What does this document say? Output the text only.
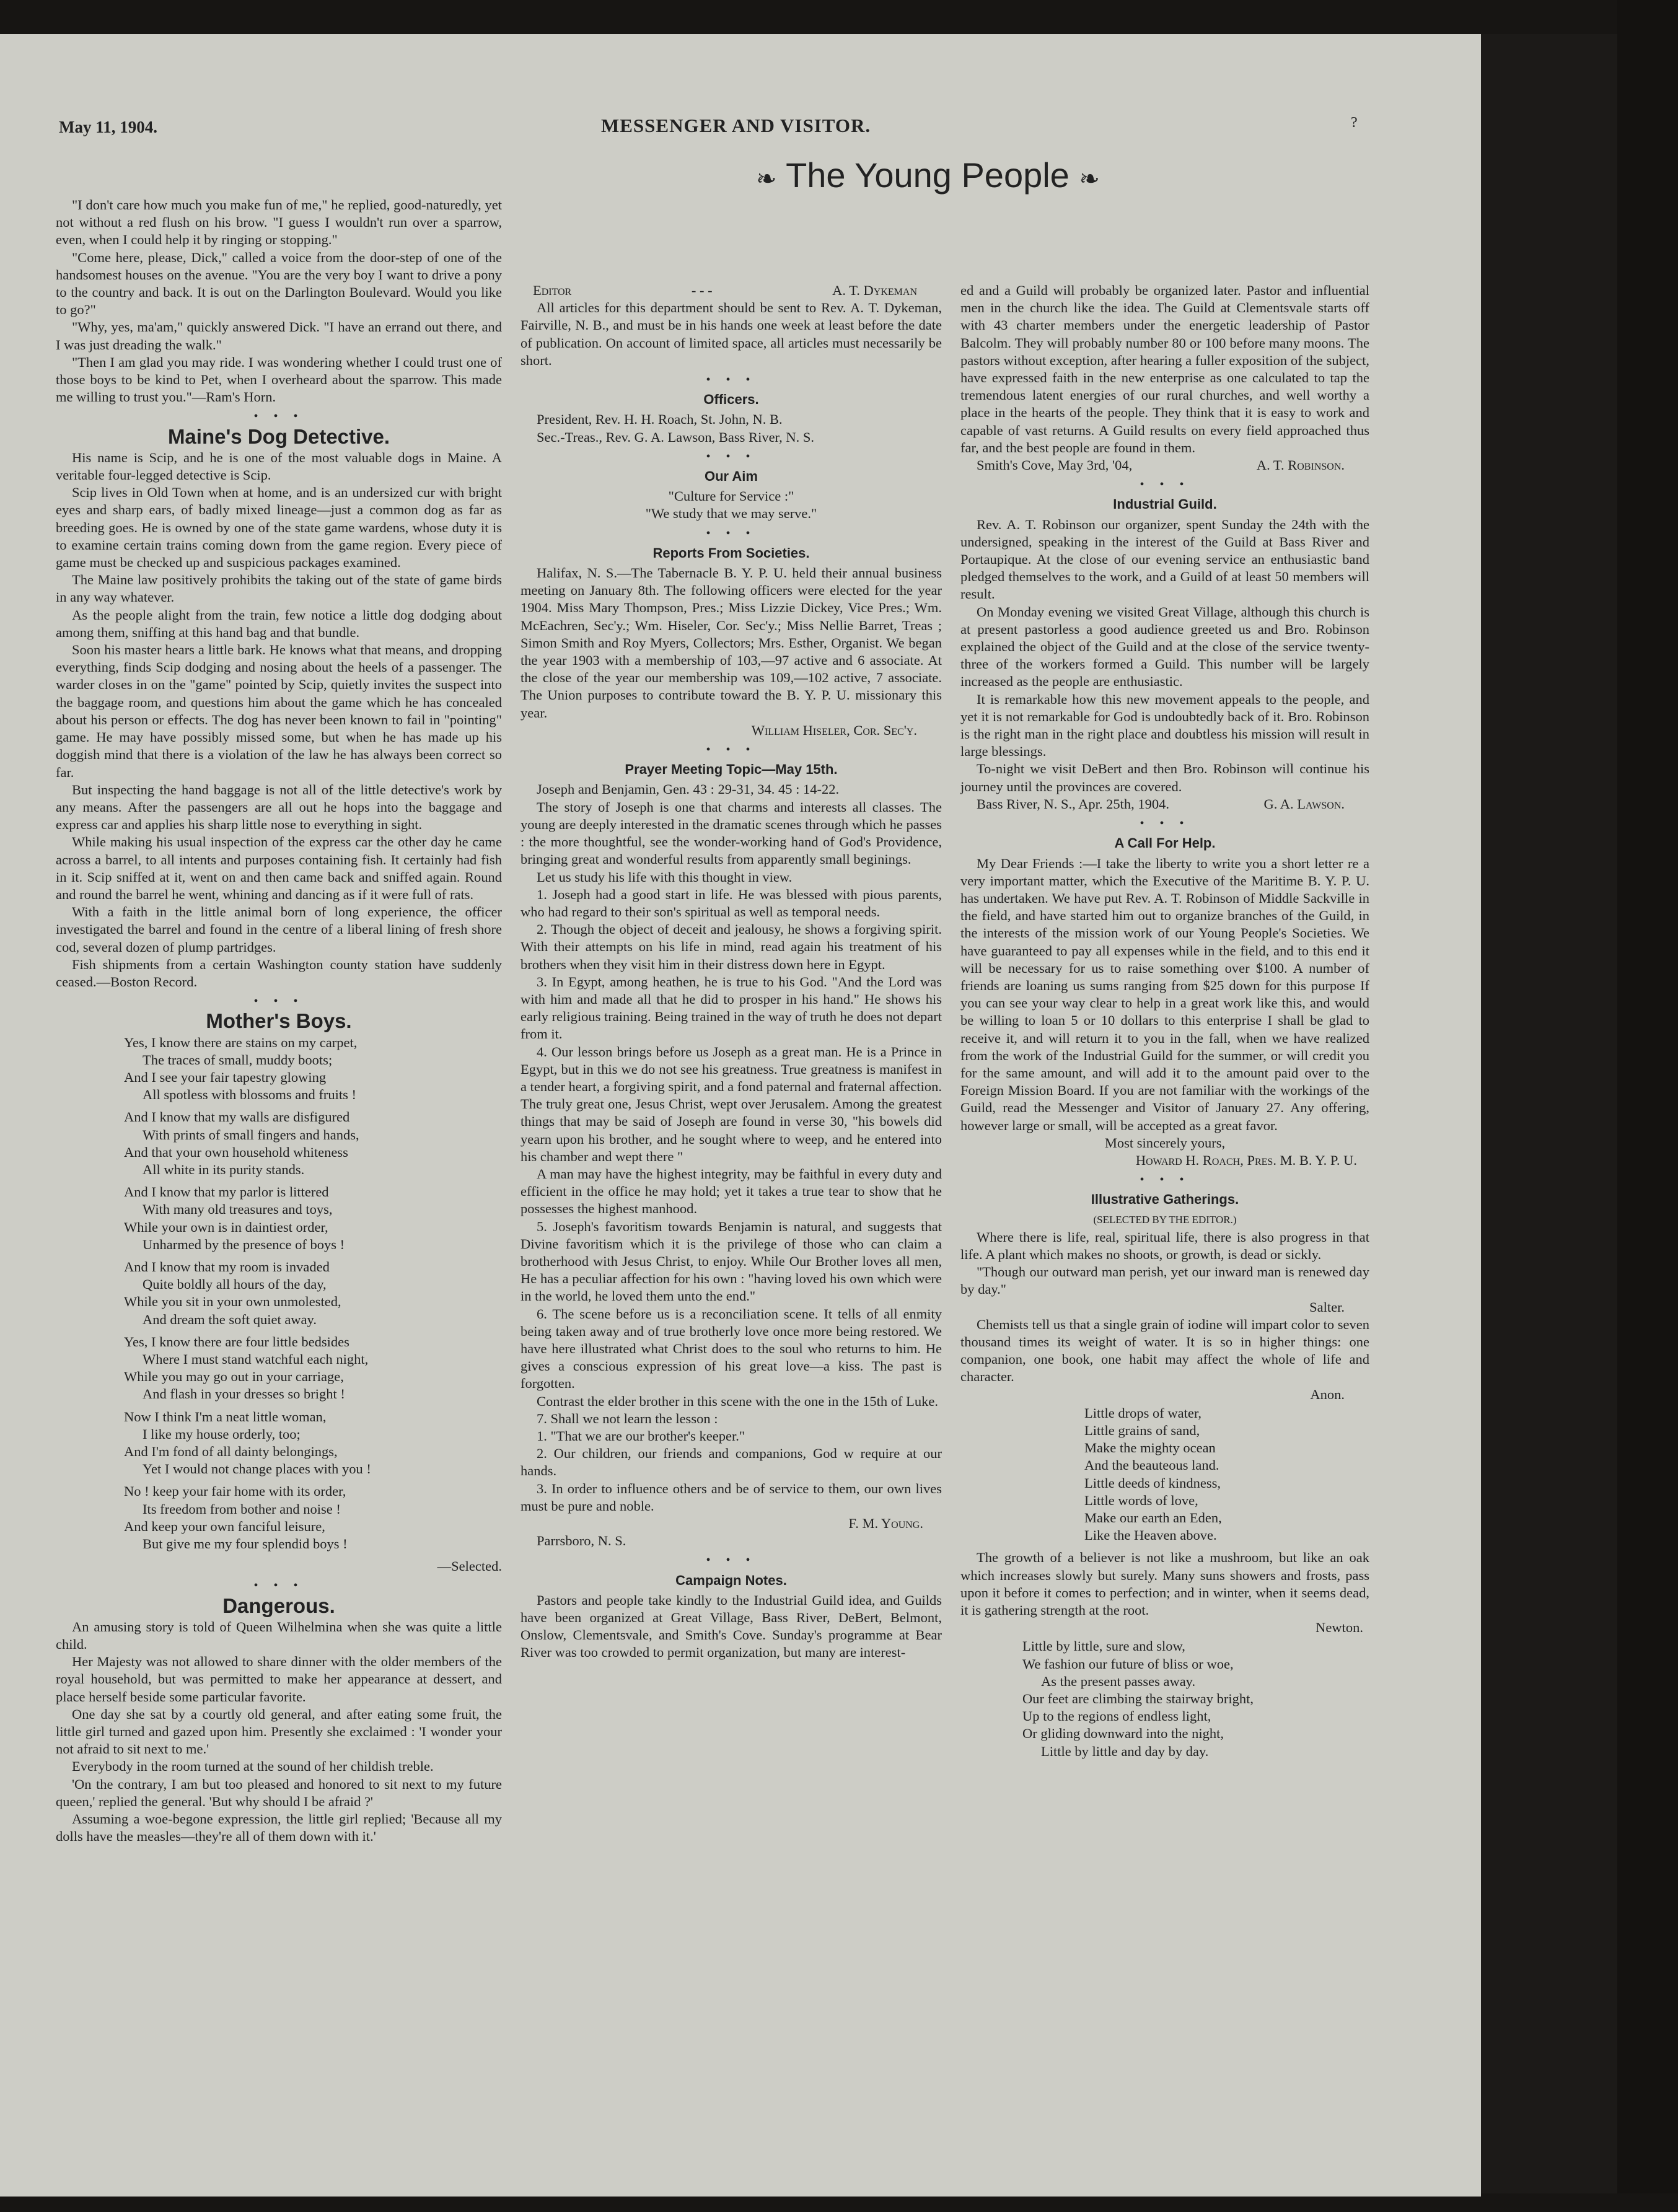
May 11, 1904.	MESSENGER AND VISITOR.	?
❧ The Young People ❧

"I don't care how much you make fun of me," he replied, good-naturedly, yet not without a red flush on his brow. "I guess I wouldn't run over a sparrow, even, when I could help it by ringing or stopping."

"Come here, please, Dick," called a voice from the door-step of one of the handsomest houses on the avenue. "You are the very boy I want to drive a pony to the country and back. It is out on the Darlington Boulevard. Would you like to go?"

"Why, yes, ma'am," quickly answered Dick. "I have an errand out there, and I was just dreading the walk."

"Then I am glad you may ride. I was wondering whether I could trust one of those boys to be kind to Pet, when I overheard about the sparrow. This made me willing to trust you."—Ram's Horn.

• • •
Maine's Dog Detective.

His name is Scip, and he is one of the most valuable dogs in Maine. A veritable four-legged detective is Scip.

Scip lives in Old Town when at home, and is an undersized cur with bright eyes and sharp ears, of badly mixed lineage—just a common dog as far as breeding goes. He is owned by one of the state game wardens, whose duty it is to examine certain trains coming down from the game region. Every piece of game must be checked up and suspicious packages examined.

The Maine law positively prohibits the taking out of the state of game birds in any way whatever.

As the people alight from the train, few notice a little dog dodging about among them, sniffing at this hand bag and that bundle.

Soon his master hears a little bark. He knows what that means, and dropping everything, finds Scip dodging and nosing about the heels of a passenger. The warder closes in on the "game" pointed by Scip, quietly invites the suspect into the baggage room, and questions him about the game which he has concealed about his person or effects. The dog has never been known to fail in "pointing" game. He may have possibly missed some, but when he has made up his doggish mind that there is a violation of the law he has always been correct so far.

But inspecting the hand baggage is not all of the little detective's work by any means. After the passengers are all out he hops into the baggage and express car and applies his sharp little nose to everything in sight.

While making his usual inspection of the express car the other day he came across a barrel, to all intents and purposes containing fish. It certainly had fish in it. Scip sniffed at it, went on and then came back and sniffed again. Round and round the barrel he went, whining and dancing as if it were full of rats.

With a faith in the little animal born of long experience, the officer investigated the barrel and found in the centre of a liberal lining of fresh shore cod, several dozen of plump partridges.

Fish shipments from a certain Washington county station have suddenly ceased.—Boston Record.

• • •
Mother's Boys.
Yes, I know there are stains on my carpet,
The traces of small, muddy boots;
And I see your fair tapestry glowing
All spotless with blossoms and fruits !
And I know that my walls are disfigured
With prints of small fingers and hands,
And that your own household whiteness
All white in its purity stands.
And I know that my parlor is littered
With many old treasures and toys,
While your own is in daintiest order,
Unharmed by the presence of boys !
And I know that my room is invaded
Quite boldly all hours of the day,
While you sit in your own unmolested,
And dream the soft quiet away.
Yes, I know there are four little bedsides
Where I must stand watchful each night,
While you may go out in your carriage,
And flash in your dresses so bright !
Now I think I'm a neat little woman,
I like my house orderly, too;
And I'm fond of all dainty belongings,
Yet I would not change places with you !
No ! keep your fair home with its order,
Its freedom from bother and noise !
And keep your own fanciful leisure,
But give me my four splendid boys !

—Selected.

• • •
Dangerous.

An amusing story is told of Queen Wilhelmina when she was quite a little child.

Her Majesty was not allowed to share dinner with the older members of the royal household, but was permitted to make her appearance at dessert, and place herself beside some particular favorite.

One day she sat by a courtly old general, and after eating some fruit, the little girl turned and gazed upon him. Presently she exclaimed : 'I wonder your not afraid to sit next to me.'

Everybody in the room turned at the sound of her childish treble.

'On the contrary, I am but too pleased and honored to sit next to my future queen,' replied the general. 'But why should I be afraid ?'

Assuming a woe-begone expression, the little girl replied; 'Because all my dolls have the measles—they're all of them down with it.'

Editor	- - -	A. T. Dykeman

All articles for this department should be sent to Rev. A. T. Dykeman, Fairville, N. B., and must be in his hands one week at least before the date of publication. On account of limited space, all articles must necessarily be short.

• • •
Officers.

President, Rev. H. H. Roach, St. John, N. B.

Sec.-Treas., Rev. G. A. Lawson, Bass River, N. S.

• • •
Our Aim

"Culture for Service :"

"We study that we may serve."

• • •
Reports From Societies.

Halifax, N. S.—The Tabernacle B. Y. P. U. held their annual business meeting on January 8th. The following officers were elected for the year 1904. Miss Mary Thompson, Pres.; Miss Lizzie Dickey, Vice Pres.; Wm. McEachren, Sec'y.; Wm. Hiseler, Cor. Sec'y.; Miss Nellie Barret, Treas ; Simon Smith and Roy Myers, Collectors; Mrs. Esther, Organist. We began the year 1903 with a membership of 103,—97 active and 6 associate. At the close of the year our membership was 109,—102 active, 7 associate. The Union purposes to contribute toward the B. Y. P. U. missionary this year.

William Hiseler, Cor. Sec'y.

• • •
Prayer Meeting Topic—May 15th.

Joseph and Benjamin, Gen. 43 : 29-31, 34. 45 : 14-22.

The story of Joseph is one that charms and interests all classes. The young are deeply interested in the dramatic scenes through which he passes : the more thoughtful, see the wonder-working hand of God's Providence, bringing great and wonderful results from apparently small beginings.

Let us study his life with this thought in view.

1. Joseph had a good start in life. He was blessed with pious parents, who had regard to their son's spiritual as well as temporal needs.

2. Though the object of deceit and jealousy, he shows a forgiving spirit. With their attempts on his life in mind, read again his treatment of his brothers when they visit him in their distress down here in Egypt.

3. In Egypt, among heathen, he is true to his God. "And the Lord was with him and made all that he did to prosper in his hand." He shows his early religious training. Being trained in the way of truth he does not depart from it.

4. Our lesson brings before us Joseph as a great man. He is a Prince in Egypt, but in this we do not see his greatness. True greatness is manifest in a tender heart, a forgiving spirit, and a fond paternal and fraternal affection. The truly great one, Jesus Christ, wept over Jerusalem. Among the greatest things that may be said of Joseph are found in verse 30, "his bowels did yearn upon his brother, and he sought where to weep, and he entered into his chamber and wept there "

A man may have the highest integrity, may be faithful in every duty and efficient in the office he may hold; yet it takes a true tear to show that he possesses the highest manhood.

5. Joseph's favoritism towards Benjamin is natural, and suggests that Divine favoritism which it is the privilege of those who can claim a brotherhood with Jesus Christ, to enjoy. While Our Brother loves all men, He has a peculiar affection for his own : "having loved his own which were in the world, he loved them unto the end."

6. The scene before us is a reconciliation scene. It tells of all enmity being taken away and of true brotherly love once more being restored. We have here illustrated what Christ does to the soul who returns to him. He gives a conscious expression of his great love—a kiss. The past is forgotten.

Contrast the elder brother in this scene with the one in the 15th of Luke.

7. Shall we not learn the lesson :

1. "That we are our brother's keeper."

2. Our children, our friends and companions, God w require at our hands.

3. In order to influence others and be of service to them, our own lives must be pure and noble.

F. M. Young.

Parrsboro, N. S.

• • •
Campaign Notes.

Pastors and people take kindly to the Industrial Guild idea, and Guilds have been organized at Great Village, Bass River, DeBert, Belmont, Onslow, Clementsvale, and Smith's Cove. Sunday's programme at Bear River was too crowded to permit organization, but many are interest-

ed and a Guild will probably be organized later. Pastor and influential men in the church like the idea. The Guild at Clementsvale starts off with 43 charter members under the energetic leadership of Pastor Balcolm. They will probably number 80 or 100 before many moons. The pastors without exception, after hearing a fuller exposition of the subject, have expressed faith in the new enterprise as one calculated to tap the tremendous latent energies of our rural churches, and well worthy a place in the hearts of the people. They think that it is easy to work and capable of vast returns. A Guild results on every field approached thus far, and the best people are found in them.

Smith's Cove, May 3rd, '04,	A. T. Robinson.
• • •
Industrial Guild.

Rev. A. T. Robinson our organizer, spent Sunday the 24th with the undersigned, speaking in the interest of the Guild at Bass River and Portaupique. At the close of our evening service an enthusiastic band pledged themselves to the work, and a Guild of at least 50 members will result.

On Monday evening we visited Great Village, although this church is at present pastorless a good audience greeted us and Bro. Robinson explained the object of the Guild and at the close of the service twenty-three of the workers formed a Guild. This number will be largely increased as the people are enthusiastic.

It is remarkable how this new movement appeals to the people, and yet it is not remarkable for God is undoubtedly back of it. Bro. Robinson is the right man in the right place and doubtless his mission will result in large blessings.

To-night we visit DeBert and then Bro. Robinson will continue his journey until the provinces are covered.

Bass River, N. S., Apr. 25th, 1904.	G. A. Lawson.
• • •
A Call For Help.

My Dear Friends :—I take the liberty to write you a short letter re a very important matter, which the Executive of the Maritime B. Y. P. U. has undertaken. We have put Rev. A. T. Robinson of Middle Sackville in the field, and have started him out to organize branches of the Guild, in the interests of the mission work of our Young People's Societies. We have guaranteed to pay all expenses while in the field, and to this end it will be necessary for us to raise something over $100. A number of friends are loaning us sums ranging from $25 down for this purpose If you can see your way clear to help in a great work like this, and would be willing to loan 5 or 10 dollars to this enterprise I shall be glad to receive it, and will return it to you in the fall, when we have realized from the work of the Industrial Guild for the summer, or will credit you for the same amount, and will add it to the amount paid over to the Foreign Mission Board. If you are not familiar with the workings of the Guild, read the Messenger and Visitor of January 27. Any offering, however large or small, will be accepted as a great favor.

Most sincerely yours,

Howard H. Roach, Pres. M. B. Y. P. U.

• • •
Illustrative Gatherings.

(SELECTED BY THE EDITOR.)

Where there is life, real, spiritual life, there is also progress in that life. A plant which makes no shoots, or growth, is dead or sickly.

"Though our outward man perish, yet our inward man is renewed day by day."

Salter.

Chemists tell us that a single grain of iodine will impart color to seven thousand times its weight of water. It is so in higher things: one companion, one book, one habit may affect the whole of life and character.

Anon.

Little drops of water,
Little grains of sand,
Make the mighty ocean
And the beauteous land.
Little deeds of kindness,
Little words of love,
Make our earth an Eden,
Like the Heaven above.

The growth of a believer is not like a mushroom, but like an oak which increases slowly but surely. Many suns showers and frosts, pass upon it before it comes to perfection; and in winter, when it seems dead, it is gathering strength at the root.

Newton.

Little by little, sure and slow,
We fashion our future of bliss or woe,
As the present passes away.
Our feet are climbing the stairway bright,
Up to the regions of endless light,
Or gliding downward into the night,
Little by little and day by day.
